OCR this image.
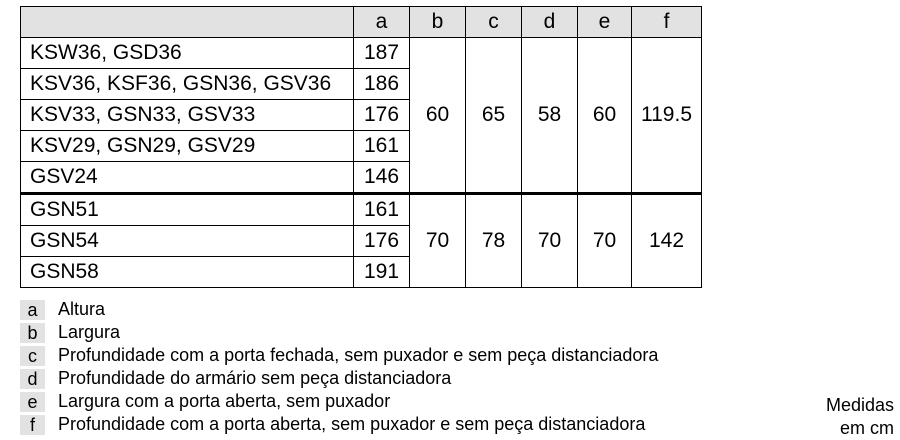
	a	b	c	d	e	f
KSW36, GSD36	187	60	65	58	60	119.5
KSV36, KSF36, GSN36, GSV36	186					
KSV33, GSN33, GSV33	176					
KSV29, GSN29, GSV29	161					
GSV24	146					
GSN51	161	70	78	70	70	142
GSN54	176					
GSN58	191					
a	Altura
b	Largura
c	Profundidade com a porta fechada, sem puxador e sem peça distanciadora
d	Profundidade do armário sem peça distanciadora
e	Largura com a porta aberta, sem puxador
f	Profundidade com a porta aberta, sem puxador e sem peça distanciadora
Medidas
em cm
